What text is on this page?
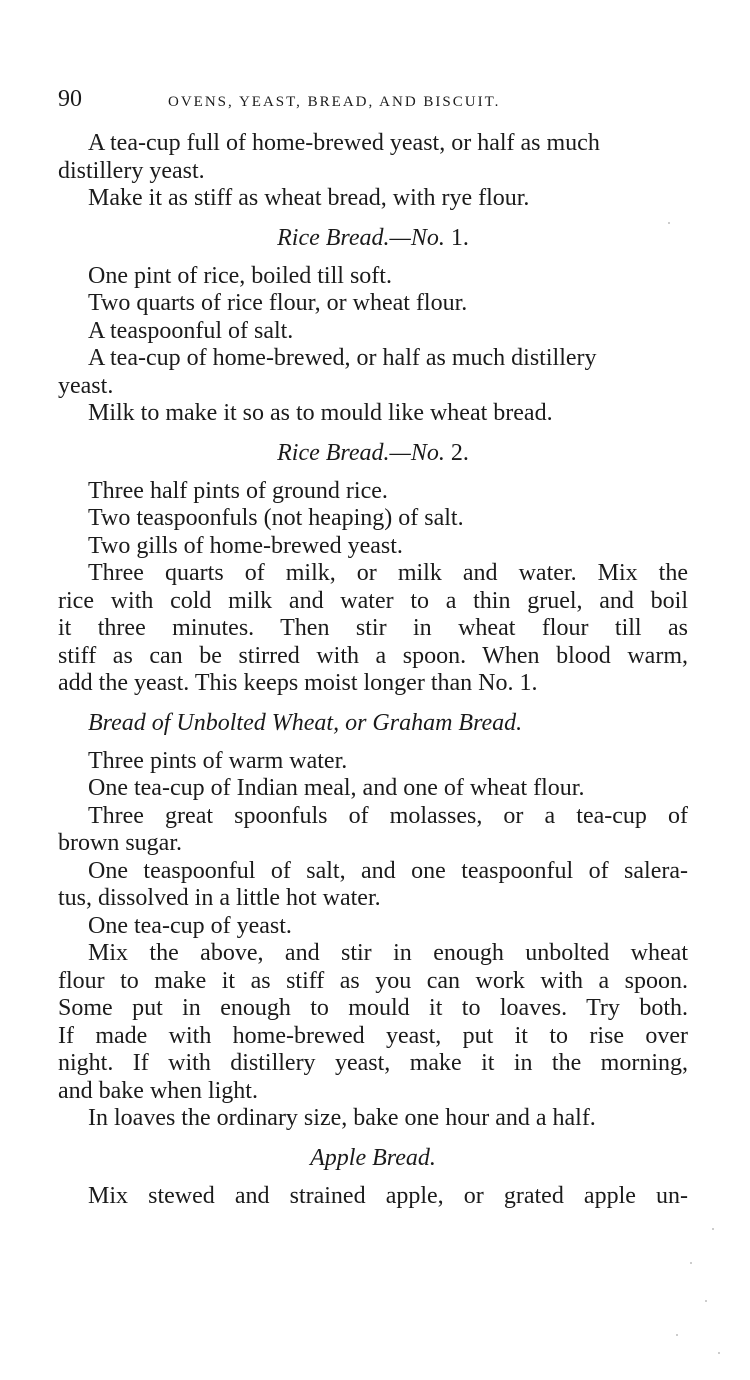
90	OVENS, YEAST, BREAD, AND BISCUIT.

A tea-cup full of home-brewed yeast, or half as much

distillery yeast.

Make it as stiff as wheat bread, with rye flour.

Rice Bread.—No. 1.

One pint of rice, boiled till soft.

Two quarts of rice flour, or wheat flour.

A teaspoonful of salt.

A tea-cup of home-brewed, or half as much distillery

yeast.

Milk to make it so as to mould like wheat bread.

Rice Bread.—No. 2.

Three half pints of ground rice.

Two teaspoonfuls (not heaping) of salt.

Two gills of home-brewed yeast.

Three quarts of milk, or milk and water. Mix the

rice with cold milk and water to a thin gruel, and boil

it three minutes. Then stir in wheat flour till as

stiff as can be stirred with a spoon. When blood warm,

add the yeast. This keeps moist longer than No. 1.

Bread of Unbolted Wheat, or Graham Bread.

Three pints of warm water.

One tea-cup of Indian meal, and one of wheat flour.

Three great spoonfuls of molasses, or a tea-cup of

brown sugar.

One teaspoonful of salt, and one teaspoonful of salera-

tus, dissolved in a little hot water.

One tea-cup of yeast.

Mix the above, and stir in enough unbolted wheat

flour to make it as stiff as you can work with a spoon.

Some put in enough to mould it to loaves. Try both.

If made with home-brewed yeast, put it to rise over

night. If with distillery yeast, make it in the morning,

and bake when light.

In loaves the ordinary size, bake one hour and a half.

Apple Bread.

Mix stewed and strained apple, or grated apple un-
